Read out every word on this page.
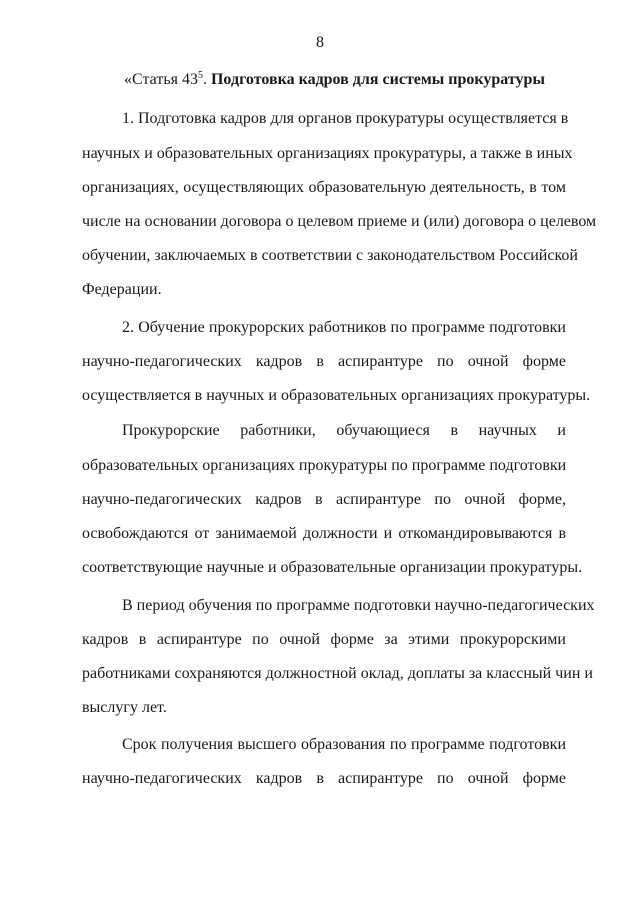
8
«Статья $43^5$. Подготовка кадров для системы прокуратуры
1. Подготовка кадров для органов прокуратуры осуществляется в
научных и образовательных организациях прокуратуры, а также в иных
организациях, осуществляющих образовательную деятельность, в том
числе на основании договора о целевом приеме и (или) договора о целевом
обучении, заключаемых в соответствии с законодательством Российской
Федерации.
2. Обучение прокурорских работников по программе подготовки
научно-педагогических кадров в аспирантуре по очной форме
осуществляется в научных и образовательных организациях прокуратуры.
Прокурорские работники, обучающиеся в научных и
образовательных организациях прокуратуры по программе подготовки
научно-педагогических кадров в аспирантуре по очной форме,
освобождаются от занимаемой должности и откомандировываются в
соответствующие научные и образовательные организации прокуратуры.
В период обучения по программе подготовки научно-педагогических
кадров в аспирантуре по очной форме за этими прокурорскими
работниками сохраняются должностной оклад, доплаты за классный чин и
выслугу лет.
Срок получения высшего образования по программе подготовки
научно-педагогических кадров в аспирантуре по очной форме
